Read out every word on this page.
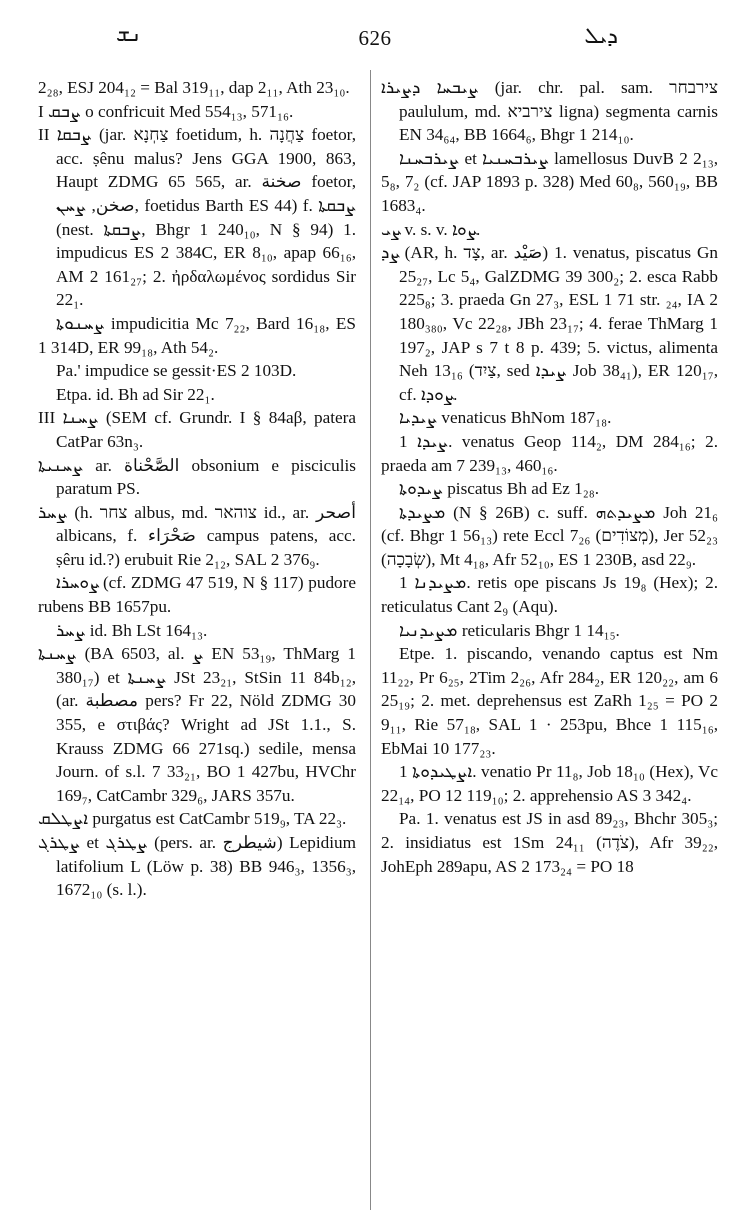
ܢܫ	626	ܕܝܠ
2₂₈, ESJ 204₁₂ = Bal 319₁₁, dap 2₁₁, Ath 23₁₀.
I ܨܒܩ o confricuit Med 554₁₃, 571₁₆.
II ܨܒܩܐ (jar. צַחְנָא foetidum, h. צַחֲנָה foetor, acc. ṣênu malus? Jens GGA 1900, 863, Haupt ZDMG 65 565, ar. صخنة foetor, صخن, ܨܚܢ, foetidus Barth ES 44) f. ܨܒܩܬܐ (nest. ܨܒܩܬܐ, Bhgr 1 240₁₀, N § 94) 1. impudicus ES 2 384C, ER 8₁₀, apap 66₁₆, AM 2 161₂₇; 2. ἠρδαλωμένος sordidus Sir 22₁.
ܨܚܢܘܬܐ impudicitia Mc 7₂₂, Bard 16₁₈, ES 1 314D, ER 99₁₈, Ath 54₂.
Pa.' impudice se gessit·ES 2 103D.
Etpa. id. Bh ad Sir 22₁.
III ܨܚܢܐ (SEM cf. Grundr. I § 84aβ, patera CatPar 63n₃.
ܨܚܢܝܬܐ ar. الصَّحْناة obsonium e pisciculis paratum PS.
ܨܚܪ (h. צחר albus, md. צוהאר id., ar. أصحر albicans, f. صَحْرَاء campus patens, acc. ṣêru id.?) erubuit Rie 2₁₂, SAL 2 376₉.
ܨܘܚܪܐ (cf. ZDMG 47 519, N § 117) pudore rubens BB 1657pu.
ܨܚܪ id. Bh LSt 164₁₃.
ܨܚܢܬܐ (BA 6503, al. ܨ EN 53₁₉, ThMarg 1 380₁₇) et ܨܚܢܬܐ JSt 23₂₁, StSin 11 84b₁₂, (ar. مصطبة pers? Fr 22, Nöld ZDMG 30 355, e στιβάς? Wright ad JSt 1.1., S. Krauss ZDMG 66 271sq.) sedile, mensa Journ. of s.l. 7 33₂₁, BO 1 427bu, HVChr 169₇, CatCambr 329₆, JARS 357u.
ܐܨܛܠܩ purgatus est CatCambr 519₉, TA 22₃.
ܨܛܪܓ et ܨܛܪܓ (pers. ar. شیطرج) Lepidium latifolium L (Löw p. 38) BB 946₃, 1356₃, 1672₁₀ (s. l.).
ܨܝܒܚܐ ܕܨܝܪܐ (jar. chr. pal. sam. צירבחר paululum, md. צירביא ligna) segmenta carnis EN 34₆₄, BB 1664₆, Bhgr 1 214₁₀.
ܨܝܪܒܚܢܐ et ܨܝܪܒܚܢܝܐ lamellosus DuvB 2 2₁₃, 5₈, 7₂ (cf. JAP 1893 p. 328) Med 60₈, 560₁₉, BB 1683₄.
ܨܝ v. s. v. ܨܘܐ.
ܨܕ (AR, h. צָד, ar. صَيْد) 1. venatus, piscatus Gn 25₂₇, Lc 5₄, GalZDMG 39 300₂; 2. esca Rabb 225₈; 3. praeda Gn 27₃, ESL 1 71 str. ₂₄, IA 2 180₃₈₀, Vc 22₂₈, JBh 23₁₇; 4. ferae ThMarg 1 197₂, JAP s 7 t 8 p. 439; 5. victus, alimenta Neh 13₁₆ (צַיִד, sed ܨܝܕܐ Job 38₄₁), ER 120₁₇, cf. ܨܘܕܐ.
ܨܝܕܝܐ venaticus BhNom 187₁₈.
ܨܝܕܐ 1. venatus Geop 114₂, DM 284₁₆; 2. praeda am 7 239₁₃, 460₁₆.
ܨܝܕܘܬܐ piscatus Bh ad Ez 1₂₈.
ܡܨܝܕܬܐ (N § 26B) c. suff. ܡܨܝܕܬܗ Joh 21₆ (cf. Bhgr 1 56₁₃) rete Eccl 7₂₆ (מְצוֹדִים), Jer 52₂₃ (שְׂבָכָה), Mt 4₁₈, Afr 52₁₀, ES 1 230B, asd 22₉.
ܡܨܝܕܢܐ 1. retis ope piscans Js 19₈ (Hex); 2. reticulatus Cant 2₉ (Aqu).
ܡܨܝܕܢܝܐ reticularis Bhgr 1 14₁₅.
Etpe. 1. piscando, venando captus est Nm 11₂₂, Pr 6₂₅, 2Tim 2₂₆, Afr 284₂, ER 120₂₂, am 6 25₁₉; 2. met. deprehensus est ZaRh 1₂₅ = PO 2 9₁₁, Rie 57₁₈, SAL 1 · 253pu, Bhce 1 115₁₆, EbMai 10 177₂₃.
ܐܨܛܝܕܘܬܐ 1. venatio Pr 11₈, Job 18₁₀ (Hex), Vc 22₁₄, PO 12 119₁₀; 2. apprehensio AS 3 342₄.
Pa. 1. venatus est JS in asd 89₂₃, Bhchr 305₃; 2. insidiatus est 1Sm 24₁₁ (צֹדֶה), Afr 39₂₂, JohEph 289apu, AS 2 173₂₄ = PO 18
